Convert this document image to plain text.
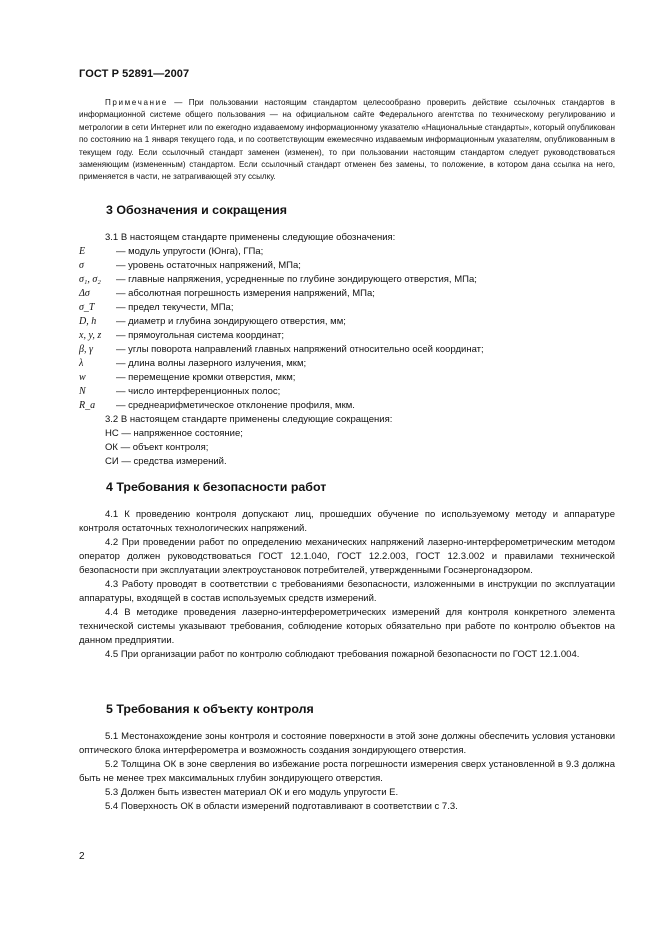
ГОСТ Р 52891—2007

Примечание — При пользовании настоящим стандартом целесообразно проверить действие ссылочных стандартов в информационной системе общего пользования — на официальном сайте Федерального агентства по техническому регулированию и метрологии в сети Интернет или по ежегодно издаваемому информационному указателю «Национальные стандарты», который опубликован по состоянию на 1 января текущего года, и по соответствующим ежемесячно издаваемым информационным указателям, опубликованным в текущем году. Если ссылочный стандарт заменен (изменен), то при пользовании настоящим стандартом следует руководствоваться заменяющим (измененным) стандартом. Если ссылочный стандарт отменен без замены, то положение, в котором дана ссылка на него, применяется в части, не затрагивающей эту ссылку.

3 Обозначения и сокращения

3.1 В настоящем стандарте применены следующие обозначения:

E	— модуль упругости (Юнга), ГПа;
σ	— уровень остаточных напряжений, МПа;
σ₁, σ₂	— главные напряжения, усредненные по глубине зондирующего отверстия, МПа;
Δσ	— абсолютная погрешность измерения напряжений, МПа;
σ_T	— предел текучести, МПа;
D, h	— диаметр и глубина зондирующего отверстия, мм;
x, y, z	— прямоугольная система координат;
β, γ	— углы поворота направлений главных напряжений относительно осей координат;
λ	— длина волны лазерного излучения, мкм;
w	— перемещение кромки отверстия, мкм;
N	— число интерференционных полос;
R_a	— среднеарифметическое отклонение профиля, мкм.

3.2 В настоящем стандарте применены следующие сокращения:

НС — напряженное состояние;
ОК — объект контроля;
СИ — средства измерений.
4 Требования к безопасности работ

4.1 К проведению контроля допускают лиц, прошедших обучение по используемому методу и аппаратуре контроля остаточных технологических напряжений.

4.2 При проведении работ по определению механических напряжений лазерно-интерферометрическим методом оператор должен руководствоваться ГОСТ 12.1.040, ГОСТ 12.2.003, ГОСТ 12.3.002 и правилами технической безопасности при эксплуатации электроустановок потребителей, утвержденными Госэнергонадзором.

4.3 Работу проводят в соответствии с требованиями безопасности, изложенными в инструкции по эксплуатации аппаратуры, входящей в состав используемых средств измерений.

4.4 В методике проведения лазерно-интерферометрических измерений для контроля конкретного элемента технической системы указывают требования, соблюдение которых обязательно при работе по контролю объектов на данном предприятии.

4.5 При организации работ по контролю соблюдают требования пожарной безопасности по ГОСТ 12.1.004.

5 Требования к объекту контроля

5.1 Местонахождение зоны контроля и состояние поверхности в этой зоне должны обеспечить условия установки оптического блока интерферометра и возможность создания зондирующего отверстия.

5.2 Толщина ОК в зоне сверления во избежание роста погрешности измерения сверх установленной в 9.3 должна быть не менее трех максимальных глубин зондирующего отверстия.

5.3 Должен быть известен материал ОК и его модуль упругости Е.

5.4 Поверхность ОК в области измерений подготавливают в соответствии с 7.3.

2
